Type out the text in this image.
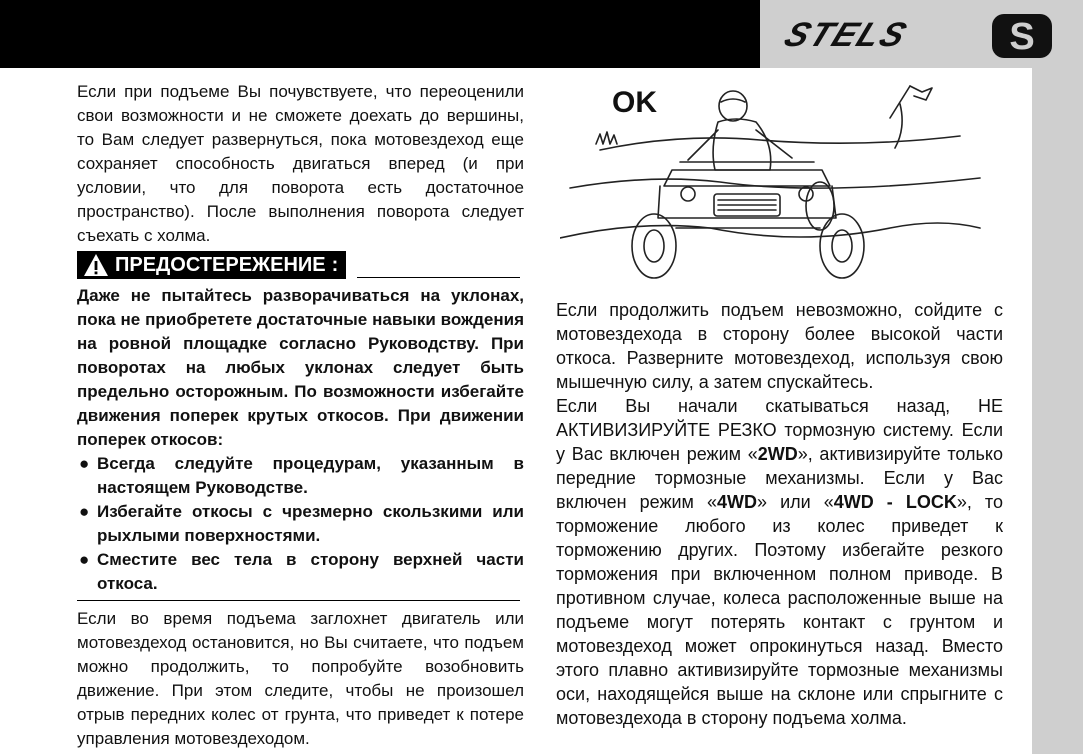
STELS	S

Если при подъеме Вы почувствуете, что переоценили свои возможности и не сможете доехать до вершины, то Вам следует развернуться, пока мотовездеход еще сохраняет способность двигаться вперед (и при условии, что для поворота есть достаточное пространство). После выполнения поворота следует съехать с холма.

ПРЕДОСТЕРЕЖЕНИЕ :

Даже не пытайтесь разворачиваться на уклонах, пока не приобретете достаточные навыки вождения на ровной площадке согласно Руководству. При поворотах на любых уклонах следует быть предельно осторожным. По возможности избегайте движения поперек крутых откосов. При движении поперек откосов:

● Всегда следуйте процедурам, указанным в настоящем Руководстве.
● Избегайте откосы с чрезмерно скользкими или рыхлыми поверхностями.
● Сместите вес тела в сторону верхней части откоса.

Если во время подъема заглохнет двигатель или мотовездеход остановится, но Вы считаете, что подъем можно продолжить, то попробуйте возобновить движение. При этом следите, чтобы не произошел отрыв передних колес от грунта, что приведет к потере управления мотовездеходом.

OK

Если продолжить подъем невозможно, сойдите с мотовездехода в сторону более высокой части откоса. Разверните мотовездеход, используя свою мышечную силу, а затем спускайтесь.

Если Вы начали скатываться назад, НЕ АКТИВИЗИРУЙТЕ РЕЗКО тормозную систему. Если у Вас включен режим «2WD», активизируйте только передние тормозные механизмы. Если у Вас включен режим «4WD» или «4WD - LOCK», то торможение любого из колес приведет к торможению других. Поэтому избегайте резкого торможения при включенном полном приводе. В противном случае, колеса расположенные выше на подъеме могут потерять контакт с грунтом и мотовездеход может опрокинуться назад. Вместо этого плавно активизируйте тормозные механизмы оси, находящейся выше на склоне или спрыгните с мотовездехода в сторону подъема холма.
